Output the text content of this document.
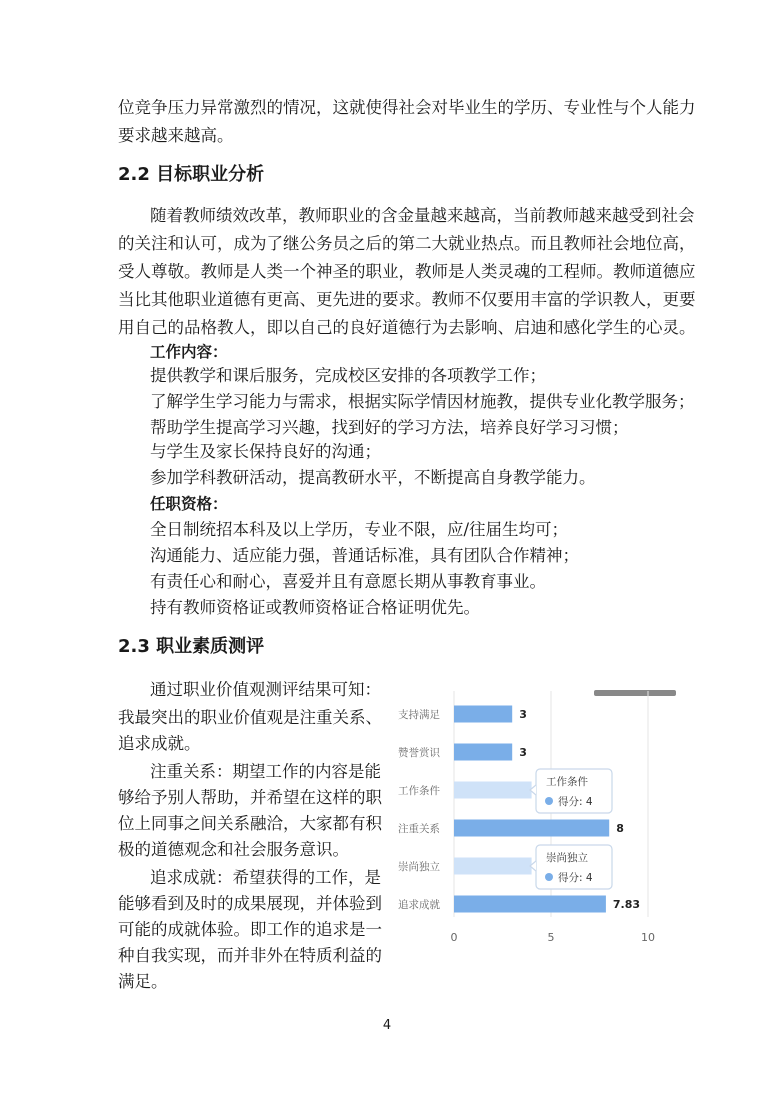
位竞争压力异常激烈的情况，这就使得社会对毕业生的学历、专业性与个人能力
要求越来越高。
2.2 目标职业分析
随着教师绩效改革，教师职业的含金量越来越高，当前教师越来越受到社会
的关注和认可，成为了继公务员之后的第二大就业热点。而且教师社会地位高，
受人尊敬。教师是人类一个神圣的职业，教师是人类灵魂的工程师。教师道德应
当比其他职业道德有更高、更先进的要求。教师不仅要用丰富的学识教人，更要
用自己的品格教人，即以自己的良好道德行为去影响、启迪和感化学生的心灵。
工作内容：
提供教学和课后服务，完成校区安排的各项教学工作；
了解学生学习能力与需求，根据实际学情因材施教，提供专业化教学服务；
帮助学生提高学习兴趣，找到好的学习方法，培养良好学习习惯；
与学生及家长保持良好的沟通；
参加学科教研活动，提高教研水平，不断提高自身教学能力。
任职资格：
全日制统招本科及以上学历，专业不限，应/往届生均可；
沟通能力、适应能力强，普通话标准，具有团队合作精神；
有责任心和耐心，喜爱并且有意愿长期从事教育事业。
持有教师资格证或教师资格证合格证明优先。
2.3 职业素质测评
通过职业价值观测评结果可知：
我最突出的职业价值观是注重关系、
追求成就。
注重关系：期望工作的内容是能
够给予别人帮助，并希望在这样的职
位上同事之间关系融洽，大家都有积
极的道德观念和社会服务意识。
追求成就：希望获得的工作，是
能够看到及时的成果展现，并体验到
可能的成就体验。即工作的追求是一
种自我实现，而并非外在特质利益的
满足。
0	5	10
支持满足	3
赞誉赏识	3
工作条件
注重关系	8
崇尚独立
追求成就	7.83
工作条件
得分: 4
崇尚独立
得分: 4
4
